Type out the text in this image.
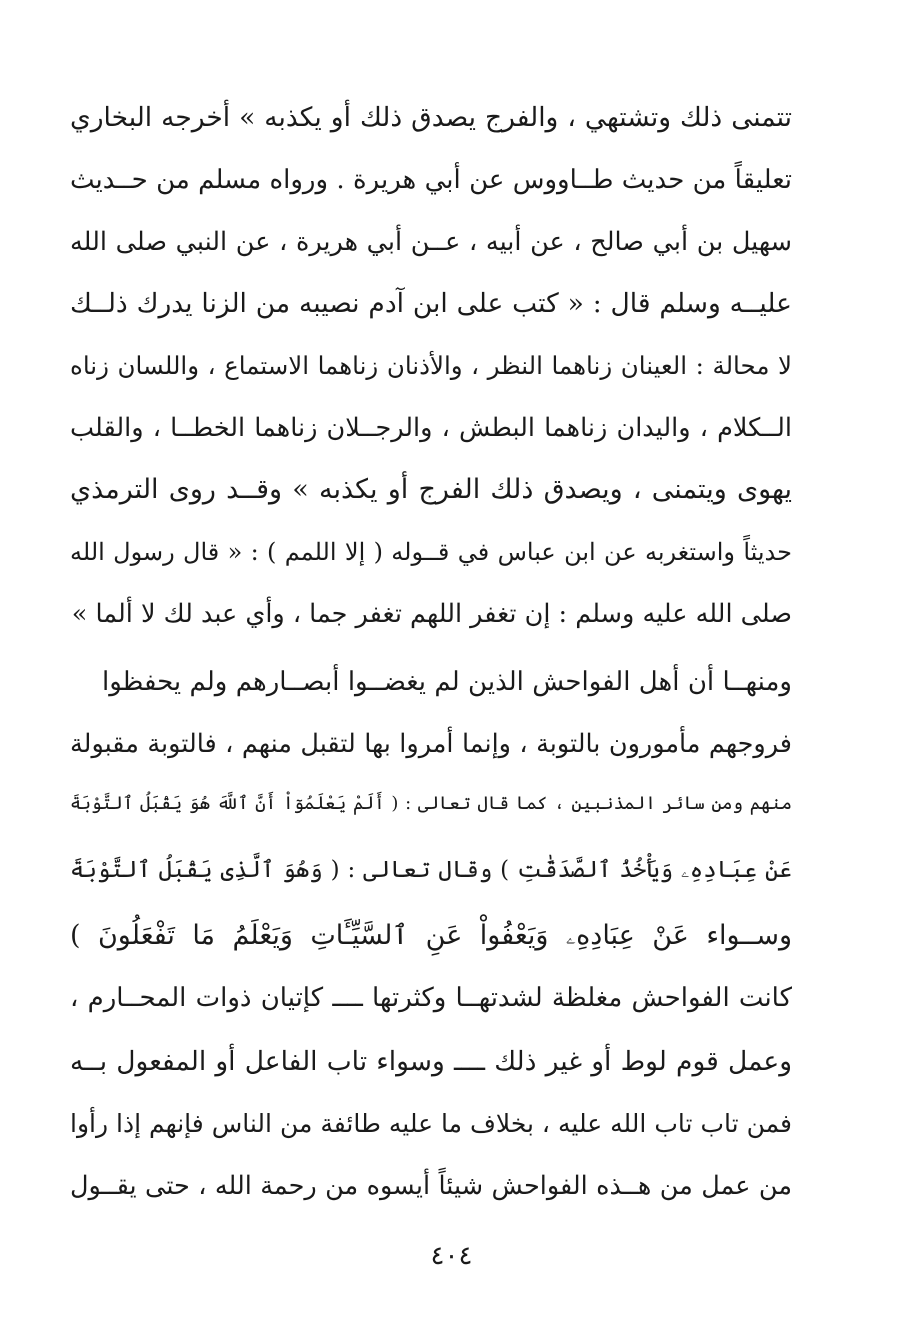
تتمنى ذلك وتشتهي ، والفرج يصدق ذلك أو يكذبه » أخرجه البخاري
تعليقاً من حديث طــاووس عن أبي هريرة . ورواه مسلم من حــديث
سهيل بن أبي صالح ، عن أبيه ، عــن أبي هريرة ، عن النبي صلى الله
عليــه وسلم قال : « كتب على ابن آدم نصيبه من الزنا يدرك ذلــك
لا محالة : العينان زناهما النظر ، والأذنان زناهما الاستماع ، واللسان زناه
الــكلام ، واليدان زناهما البطش ، والرجــلان زناهما الخطــا ، والقلب
يهوى ويتمنى ، ويصدق ذلك الفرج أو يكذبه » وقــد روى الترمذي
حديثاً واستغربه عن ابن عباس في قــوله ( إلا اللمم ) : « قال رسول الله
صلى الله عليه وسلم : إن تغفر اللهم تغفر جما ، وأي عبد لك لا ألما »
ومنهــا أن أهل الفواحش الذين لم يغضــوا أبصــارهم ولم يحفظوا
فروجهم مأمورون بالتوبة ، وإنما أمروا بها لتقبل منهم ، فالتوبة مقبولة
منهم ومن سائر المذنبين ، كما قال تعالى : ( أَلَمْ يَعْلَمُوٓاْ أَنَّ ٱللَّهَ هُوَ يَقْبَلُ ٱلتَّوْبَةَ
عَنْ عِبَادِهِۦ وَيَأْخُذُ ٱلصَّدَقَٰتِ ) وقال تعالى : ( وَهُوَ ٱلَّذِى يَقْبَلُ ٱلتَّوْبَةَ
وســواء عَنْ عِبَادِهِۦ وَيَعْفُواْ عَنِ ٱلسَّيِّـَٔاتِ وَيَعْلَمُ مَا تَفْعَلُونَ )
كانت الفواحش مغلظة لشدتهــا وكثرتها ــــ كإتيان ذوات المحــارم ،
وعمل قوم لوط أو غير ذلك ــــ وسواء تاب الفاعل أو المفعول بــه
فمن تاب تاب الله عليه ، بخلاف ما عليه طائفة من الناس فإنهم إذا رأوا
من عمل من هــذه الفواحش شيئاً أيسوه من رحمة الله ، حتى يقــول
٤٠٤
